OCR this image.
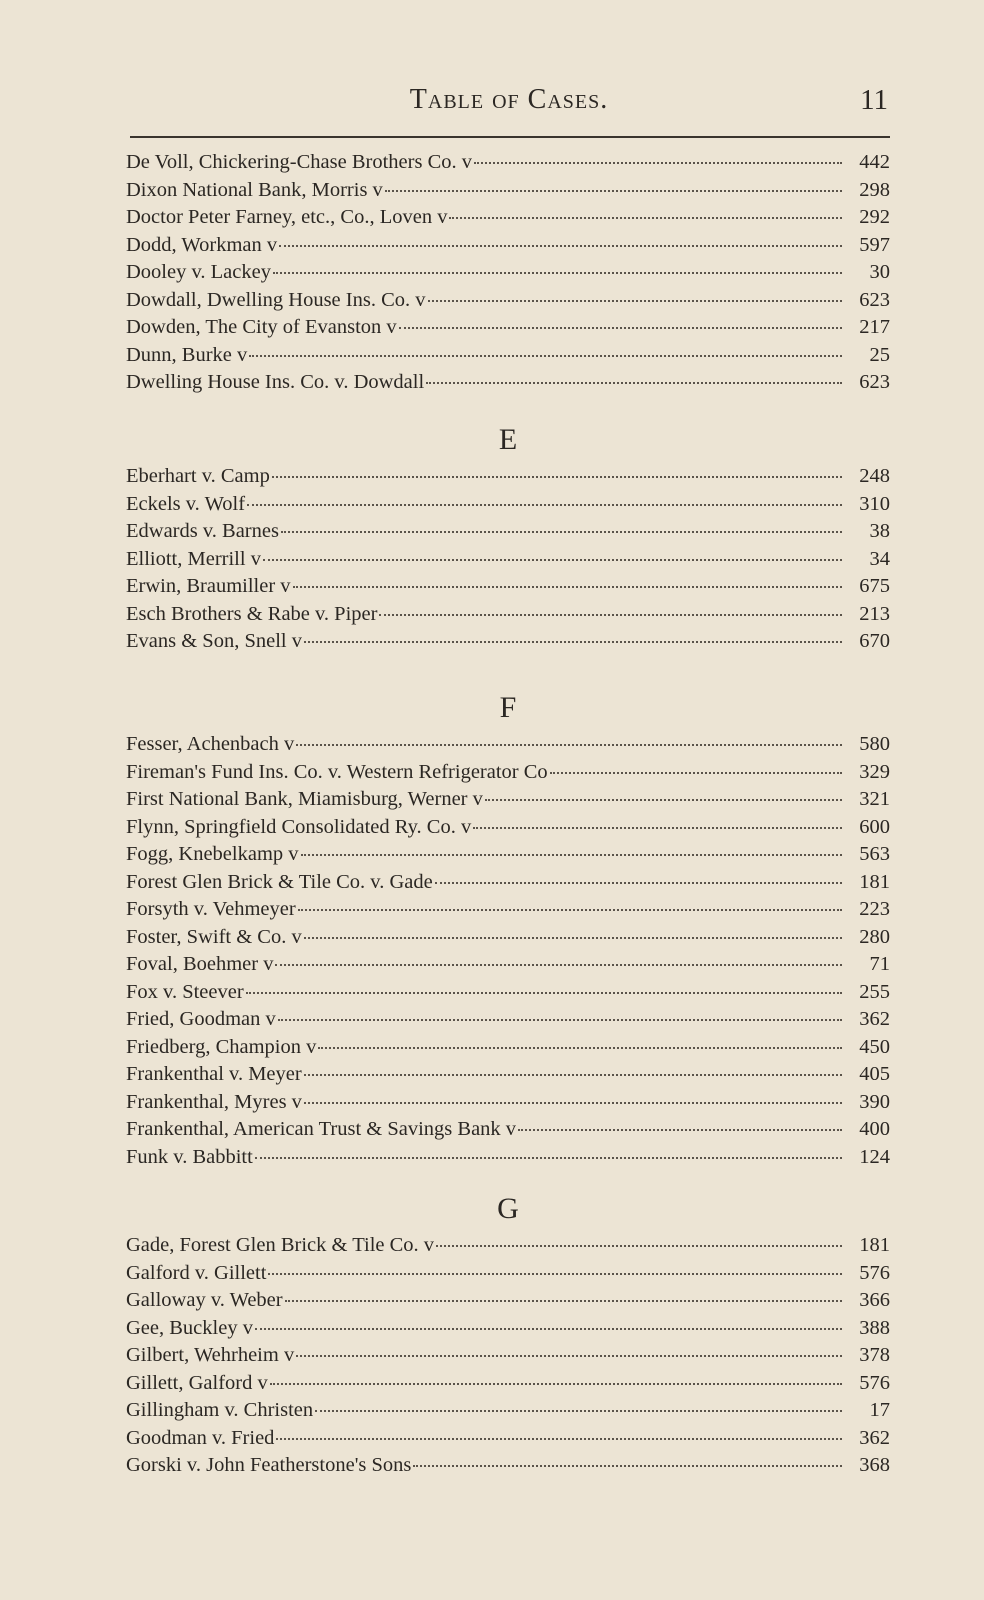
Table of Cases.	11
De Voll, Chickering-Chase Brothers Co. v	442
Dixon National Bank, Morris v	298
Doctor Peter Farney, etc., Co., Loven v	292
Dodd, Workman v	597
Dooley v. Lackey	30
Dowdall, Dwelling House Ins. Co. v	623
Dowden, The City of Evanston v	217
Dunn, Burke v	25
Dwelling House Ins. Co. v. Dowdall	623
E
Eberhart v. Camp	248
Eckels v. Wolf	310
Edwards v. Barnes	38
Elliott, Merrill v	34
Erwin, Braumiller v	675
Esch Brothers & Rabe v. Piper	213
Evans & Son, Snell v	670
F
Fesser, Achenbach v	580
Fireman's Fund Ins. Co. v. Western Refrigerator Co	329
First National Bank, Miamisburg, Werner v	321
Flynn, Springfield Consolidated Ry. Co. v	600
Fogg, Knebelkamp v	563
Forest Glen Brick & Tile Co. v. Gade	181
Forsyth v. Vehmeyer	223
Foster, Swift & Co. v	280
Foval, Boehmer v	71
Fox v. Steever	255
Fried, Goodman v	362
Friedberg, Champion v	450
Frankenthal v. Meyer	405
Frankenthal, Myres v	390
Frankenthal, American Trust & Savings Bank v	400
Funk v. Babbitt	124
G
Gade, Forest Glen Brick & Tile Co. v	181
Galford v. Gillett	576
Galloway v. Weber	366
Gee, Buckley v	388
Gilbert, Wehrheim v	378
Gillett, Galford v	576
Gillingham v. Christen	17
Goodman v. Fried	362
Gorski v. John Featherstone's Sons	368
